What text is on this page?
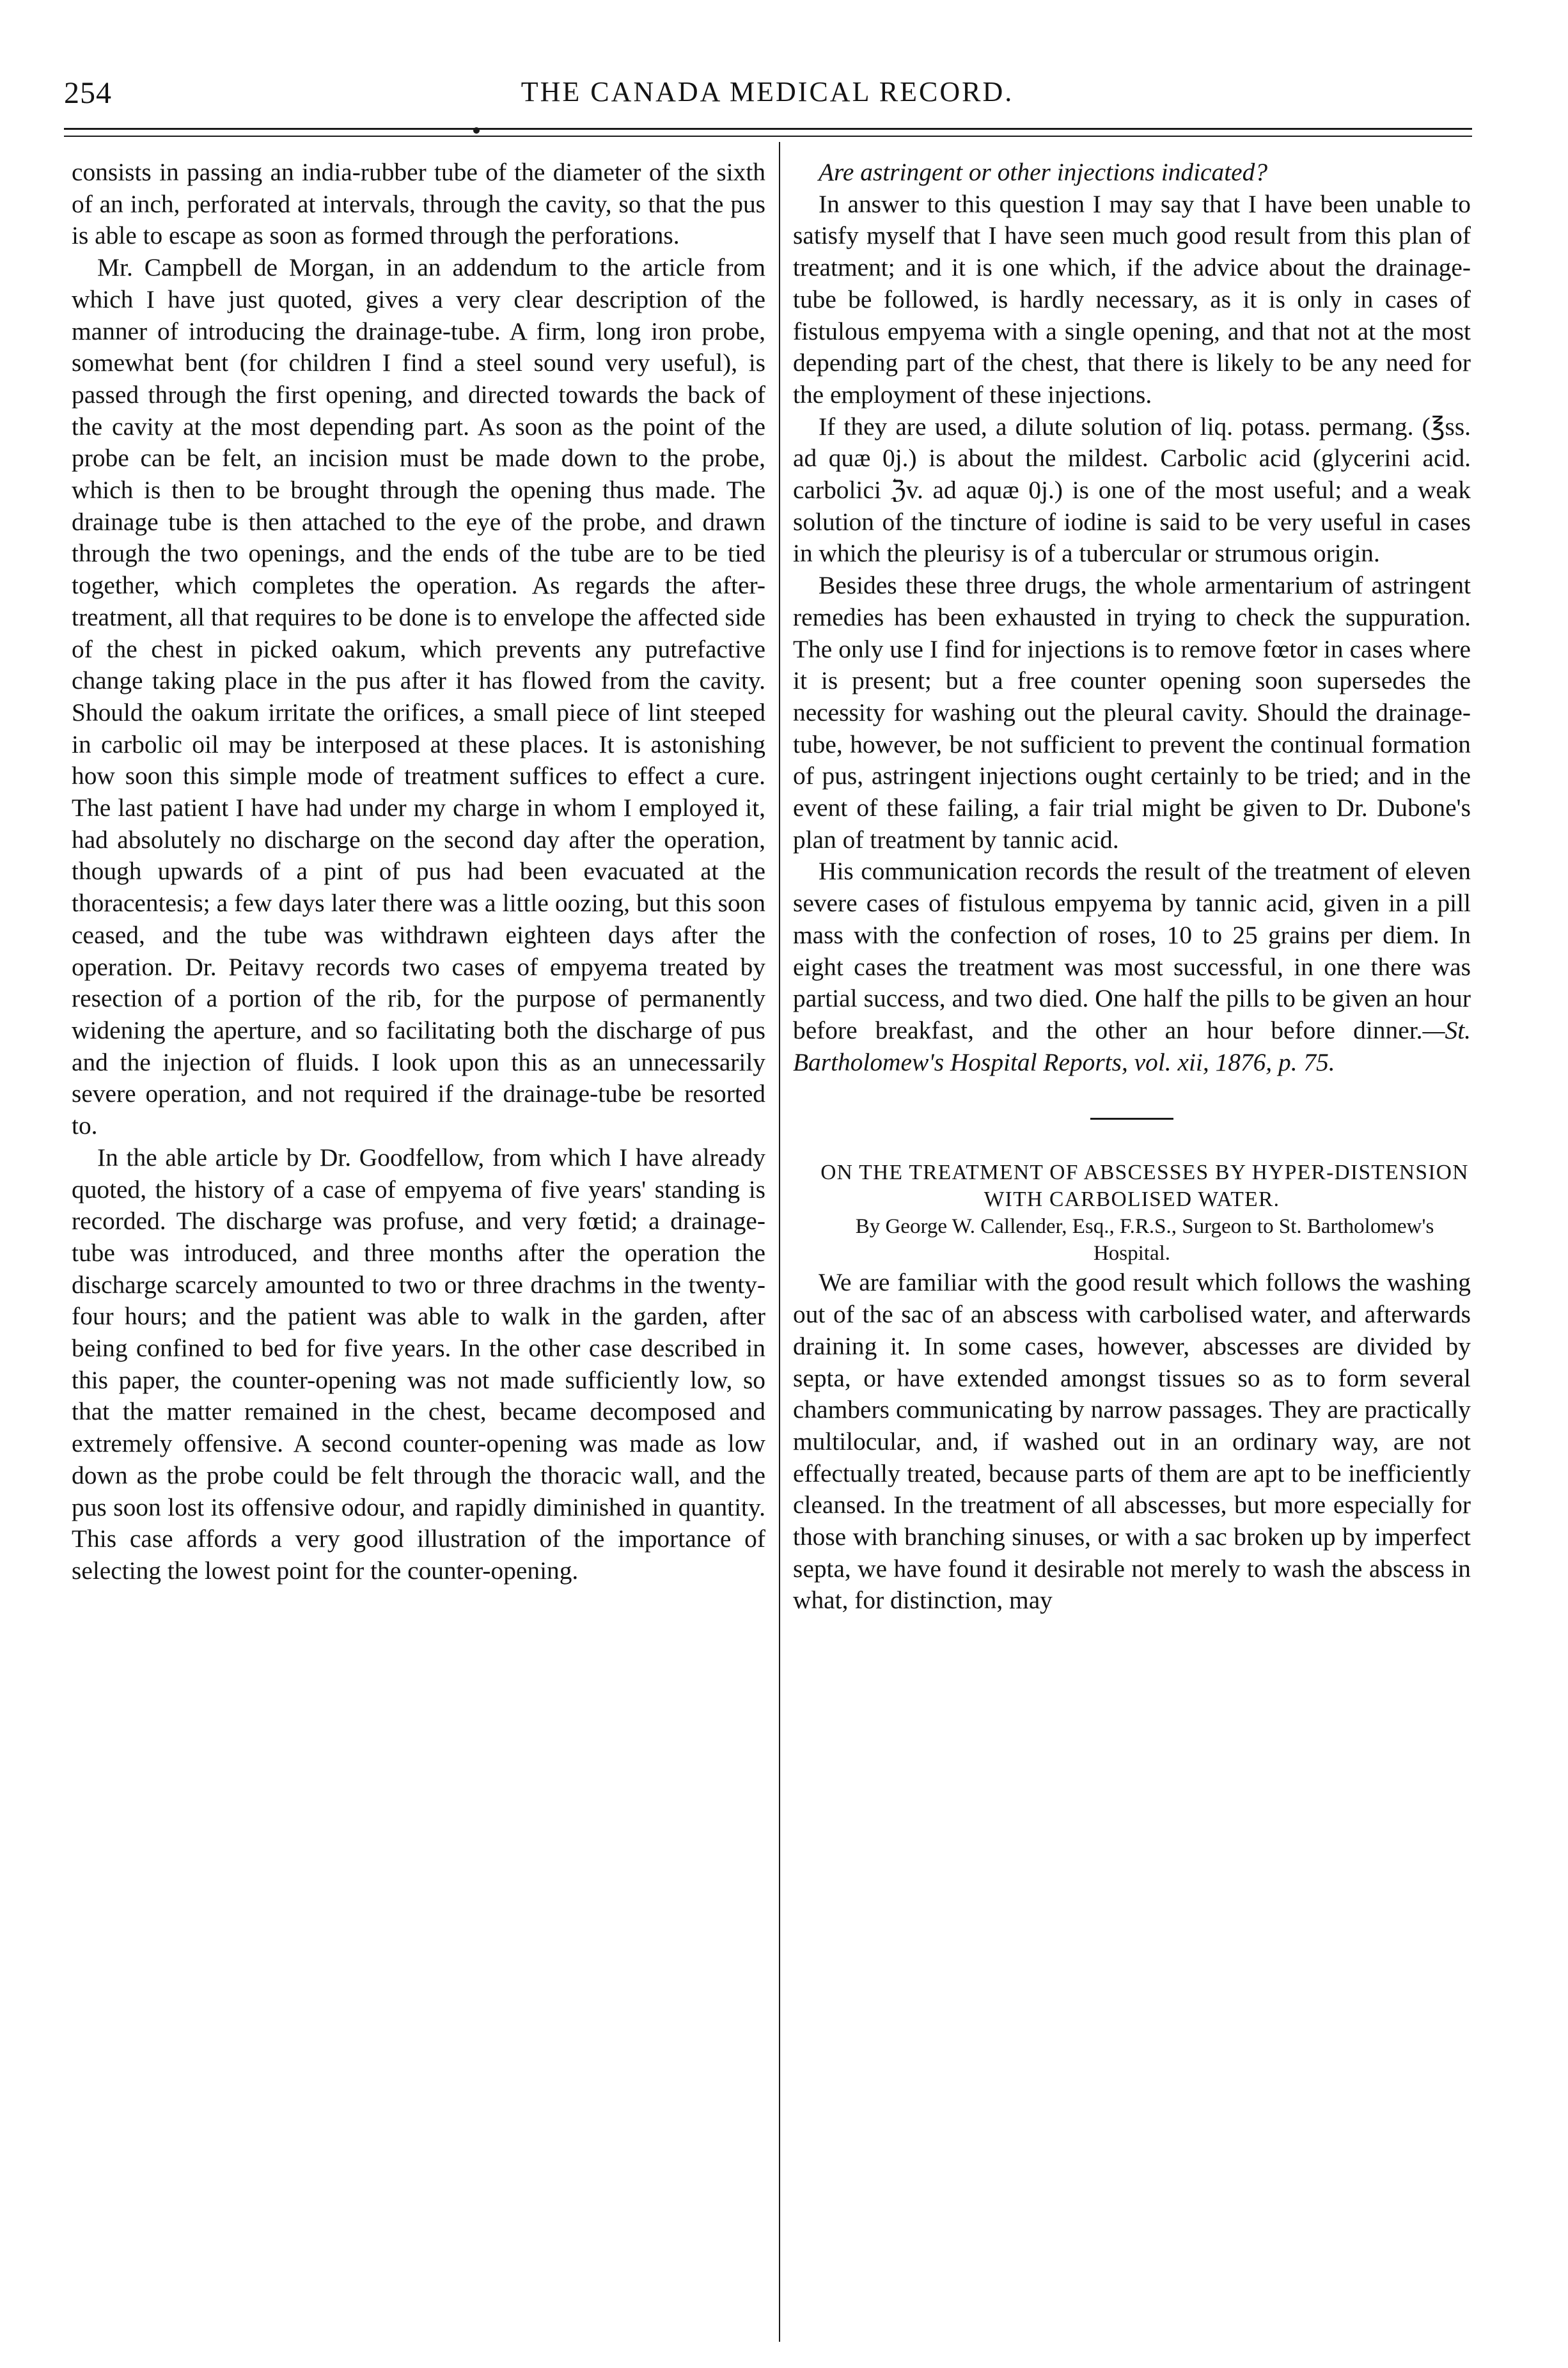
254	THE CANADA MEDICAL RECORD.

consists in passing an india-rubber tube of the diameter of the sixth of an inch, perforated at intervals, through the cavity, so that the pus is able to escape as soon as formed through the perforations.

Mr. Campbell de Morgan, in an addendum to the article from which I have just quoted, gives a very clear description of the manner of introducing the drainage-tube. A firm, long iron probe, somewhat bent (for children I find a steel sound very useful), is passed through the first opening, and directed towards the back of the cavity at the most depending part. As soon as the point of the probe can be felt, an incision must be made down to the probe, which is then to be brought through the opening thus made. The drainage tube is then attached to the eye of the probe, and drawn through the two openings, and the ends of the tube are to be tied together, which completes the operation. As regards the after-treatment, all that requires to be done is to envelope the affected side of the chest in picked oakum, which prevents any putrefactive change taking place in the pus after it has flowed from the cavity. Should the oakum irritate the orifices, a small piece of lint steeped in carbolic oil may be interposed at these places. It is astonishing how soon this simple mode of treatment suffices to effect a cure. The last patient I have had under my charge in whom I employed it, had absolutely no discharge on the second day after the operation, though upwards of a pint of pus had been evacuated at the thoracentesis; a few days later there was a little oozing, but this soon ceased, and the tube was withdrawn eighteen days after the operation. Dr. Peitavy records two cases of empyema treated by resection of a portion of the rib, for the purpose of permanently widening the aperture, and so facilitating both the discharge of pus and the injection of fluids. I look upon this as an unnecessarily severe operation, and not required if the drainage-tube be resorted to.

In the able article by Dr. Goodfellow, from which I have already quoted, the history of a case of empyema of five years' standing is recorded. The discharge was profuse, and very fœtid; a drainage-tube was introduced, and three months after the operation the discharge scarcely amounted to two or three drachms in the twenty-four hours; and the patient was able to walk in the garden, after being confined to bed for five years. In the other case described in this paper, the counter-opening was not made sufficiently low, so that the matter remained in the chest, became decomposed and extremely offensive. A second counter-opening was made as low down as the probe could be felt through the thoracic wall, and the pus soon lost its offensive odour, and rapidly diminished in quantity. This case affords a very good illustration of the importance of selecting the lowest point for the counter-opening.

Are astringent or other injections indicated?

In answer to this question I may say that I have been unable to satisfy myself that I have seen much good result from this plan of treatment; and it is one which, if the advice about the drainage-tube be followed, is hardly necessary, as it is only in cases of fistulous empyema with a single opening, and that not at the most depending part of the chest, that there is likely to be any need for the employment of these injections.

If they are used, a dilute solution of liq. potass. permang. (℥ss. ad quæ 0j.) is about the mildest. Carbolic acid (glycerini acid. carbolici ℨv. ad aquæ 0j.) is one of the most useful; and a weak solution of the tincture of iodine is said to be very useful in cases in which the pleurisy is of a tubercular or strumous origin.

Besides these three drugs, the whole armentarium of astringent remedies has been exhausted in trying to check the suppuration. The only use I find for injections is to remove fœtor in cases where it is present; but a free counter opening soon supersedes the necessity for washing out the pleural cavity. Should the drainage-tube, however, be not sufficient to prevent the continual formation of pus, astringent injections ought certainly to be tried; and in the event of these failing, a fair trial might be given to Dr. Dubone's plan of treatment by tannic acid.

His communication records the result of the treatment of eleven severe cases of fistulous empyema by tannic acid, given in a pill mass with the confection of roses, 10 to 25 grains per diem. In eight cases the treatment was most successful, in one there was partial success, and two died. One half the pills to be given an hour before breakfast, and the other an hour before dinner.—St. Bartholomew's Hospital Reports, vol. xii, 1876, p. 75.

ON THE TREATMENT OF ABSCESSES BY HYPER-DISTENSION WITH CARBOLISED WATER.

By George W. Callender, Esq., F.R.S., Surgeon to St. Bartholomew's Hospital.

We are familiar with the good result which follows the washing out of the sac of an abscess with carbolised water, and afterwards draining it. In some cases, however, abscesses are divided by septa, or have extended amongst tissues so as to form several chambers communicating by narrow passages. They are practically multilocular, and, if washed out in an ordinary way, are not effectually treated, because parts of them are apt to be inefficiently cleansed. In the treatment of all abscesses, but more especially for those with branching sinuses, or with a sac broken up by imperfect septa, we have found it desirable not merely to wash the abscess in what, for distinction, may
